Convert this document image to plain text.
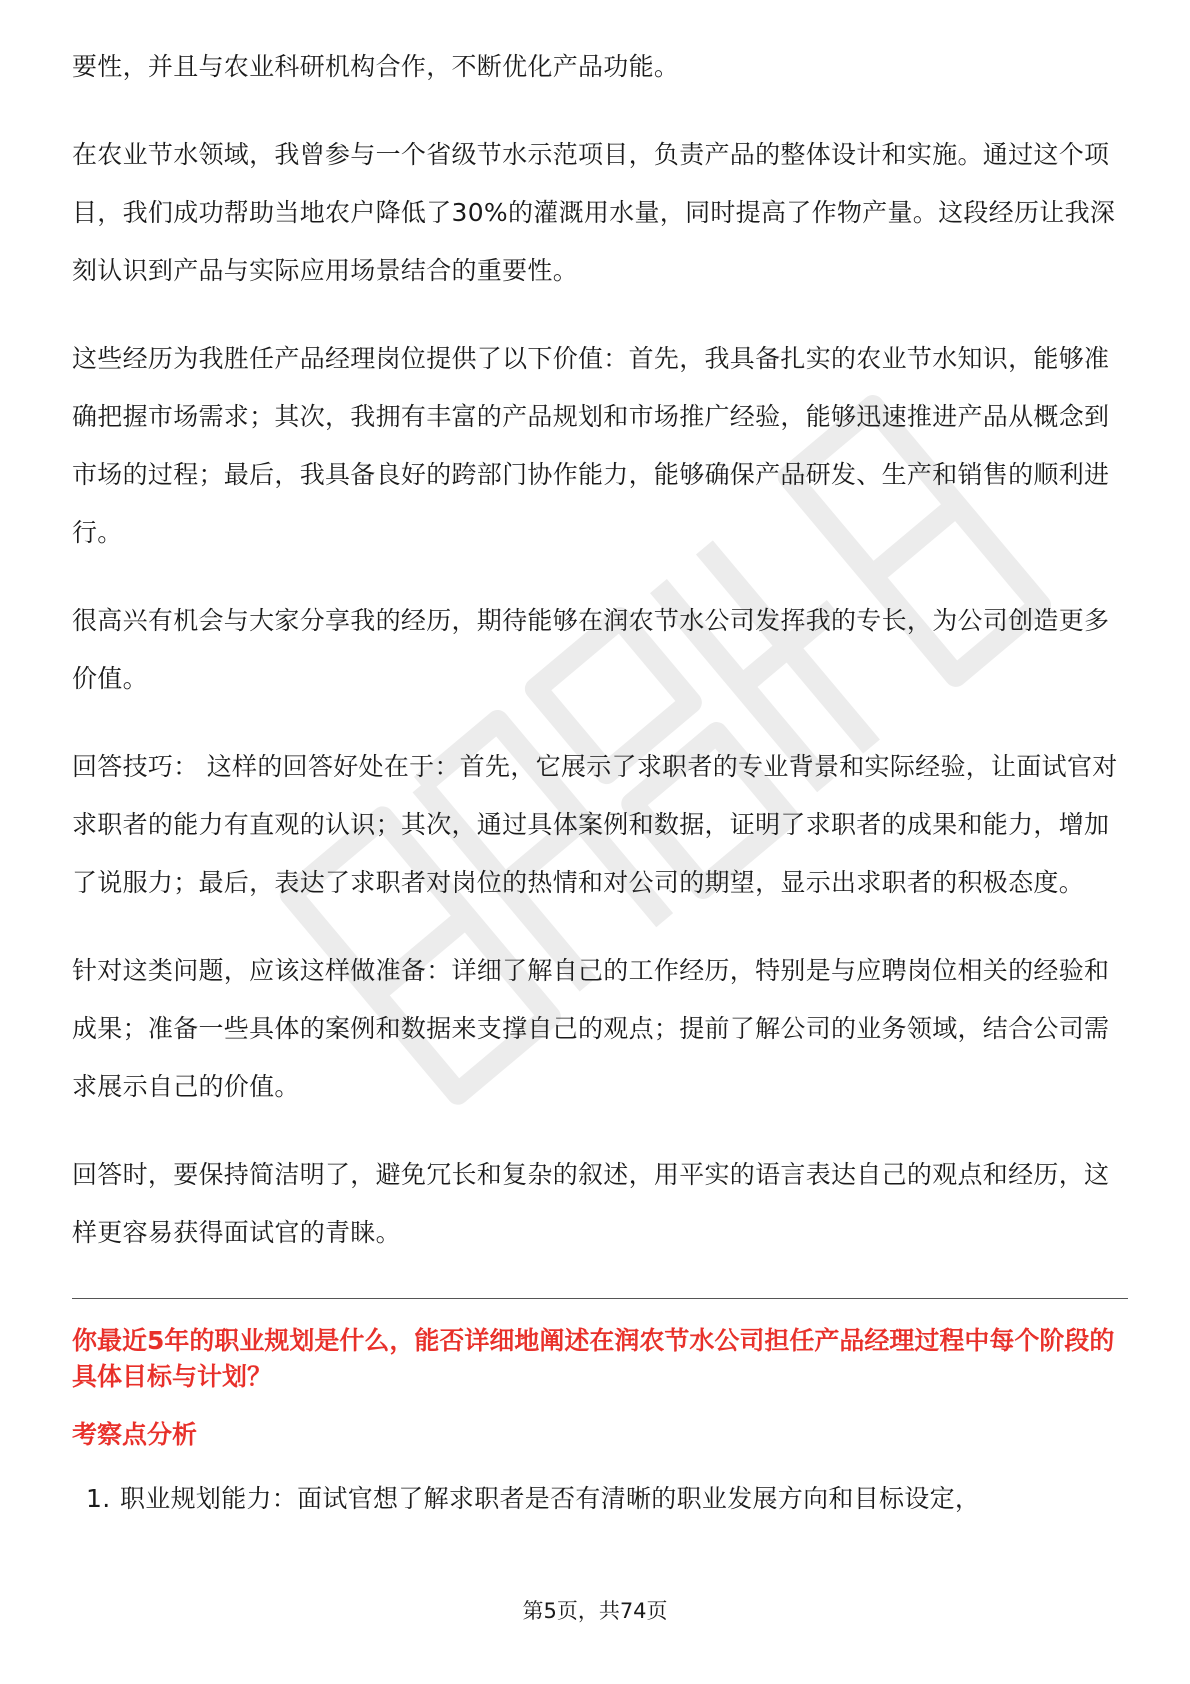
要性，并且与农业科研机构合作，不断优化产品功能。

在农业节水领域，我曾参与一个省级节水示范项目，负责产品的整体设计和实施。通过这个项目，我们成功帮助当地农户降低了30%的灌溉用水量，同时提高了作物产量。这段经历让我深刻认识到产品与实际应用场景结合的重要性。

这些经历为我胜任产品经理岗位提供了以下价值：首先，我具备扎实的农业节水知识，能够准确把握市场需求；其次，我拥有丰富的产品规划和市场推广经验，能够迅速推进产品从概念到市场的过程；最后，我具备良好的跨部门协作能力，能够确保产品研发、生产和销售的顺利进行。

很高兴有机会与大家分享我的经历，期待能够在润农节水公司发挥我的专长，为公司创造更多价值。

回答技巧： 这样的回答好处在于：首先，它展示了求职者的专业背景和实际经验，让面试官对求职者的能力有直观的认识；其次，通过具体案例和数据，证明了求职者的成果和能力，增加了说服力；最后，表达了求职者对岗位的热情和对公司的期望，显示出求职者的积极态度。

针对这类问题，应该这样做准备：详细了解自己的工作经历，特别是与应聘岗位相关的经验和成果；准备一些具体的案例和数据来支撑自己的观点；提前了解公司的业务领域，结合公司需求展示自己的价值。

回答时，要保持简洁明了，避免冗长和复杂的叙述，用平实的语言表达自己的观点和经历，这样更容易获得面试官的青睐。

你最近5年的职业规划是什么，能否详细地阐述在润农节水公司担任产品经理过程中每个阶段的具体目标与计划？

考察点分析

1. 职业规划能力：面试官想了解求职者是否有清晰的职业发展方向和目标设定，

第5页，共74页
